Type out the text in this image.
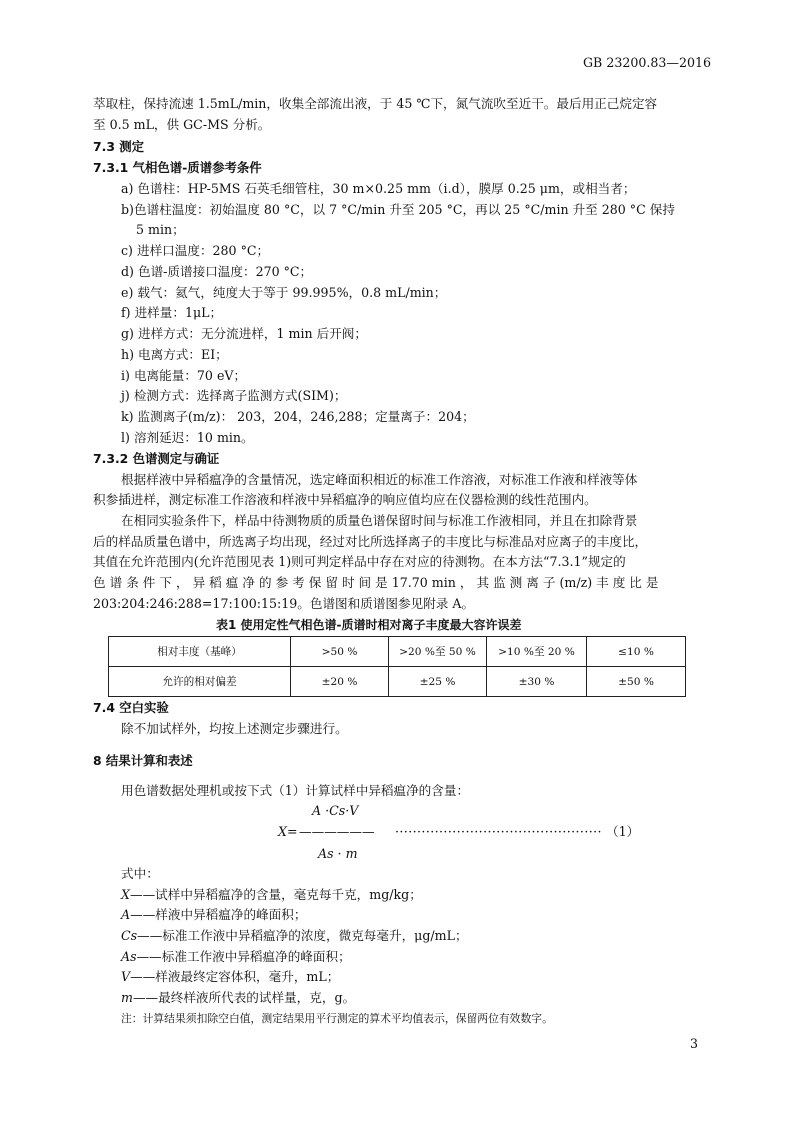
GB 23200.83—2016
萃取柱，保持流速 1.5mL/min，收集全部流出液，于 45 ℃下，氮气流吹至近干。最后用正己烷定容
至 0.5 mL，供 GC-MS 分析。
7.3 测定
7.3.1 气相色谱-质谱参考条件
a) 色谱柱：HP-5MS 石英毛细管柱，30 m×0.25 mm（i.d），膜厚 0.25 μm，或相当者；
b)色谱柱温度：初始温度 80 °C，以 7 °C/min 升至 205 °C，再以 25 °C/min 升至 280 °C 保持
5 min；
c) 进样口温度：280 °C；
d) 色谱-质谱接口温度：270 °C；
e) 载气：氦气，纯度大于等于 99.995%，0.8 mL/min；
f) 进样量：1μL；
g) 进样方式：无分流进样，1 min 后开阀；
h) 电离方式：EI；
i) 电离能量：70 eV；
j) 检测方式：选择离子监测方式(SIM)；
k) 监测离子(m/z)： 203，204，246,288；定量离子：204；
l) 溶剂延迟：10 min。
7.3.2 色谱测定与确证
根据样液中异稻瘟净的含量情况，选定峰面积相近的标准工作溶液，对标准工作液和样液等体
积参插进样，测定标准工作溶液和样液中异稻瘟净的响应值均应在仪器检测的线性范围内。
在相同实验条件下，样品中待测物质的质量色谱保留时间与标准工作液相同，并且在扣除背景
后的样品质量色谱中，所选离子均出现，经过对比所选择离子的丰度比与标准品对应离子的丰度比，
其值在允许范围内(允许范围见表 1)则可判定样品中存在对应的待测物。在本方法“7.3.1”规定的
色 谱 条 件 下 ， 异 稻 瘟 净 的 参 考 保 留 时 间 是 17.70 min ， 其 监 测 离 子 (m/z) 丰 度 比 是
203:204:246:288=17:100:15:19。色谱图和质谱图参见附录 A。
表1 使用定性气相色谱-质谱时相对离子丰度最大容许误差
相对丰度（基峰）	>50 %	>20 %至 50 %	>10 %至 20 %	≤10 %
允许的相对偏差	±20 %	±25 %	±30 %	±50 %
7.4 空白实验
除不加试样外，均按上述测定步骤进行。
8 结果计算和表述
用色谱数据处理机或按下式（1）计算试样中异稻瘟净的含量：
A ·Cs·V
X= —————— ··············································· （1）
As · m
式中：
X——试样中异稻瘟净的含量，毫克每千克，mg/kg；
A——样液中异稻瘟净的峰面积；
Cs——标准工作液中异稻瘟净的浓度，微克每毫升，μg/mL；
As——标准工作液中异稻瘟净的峰面积；
V——样液最终定容体积，毫升，mL；
m——最终样液所代表的试样量，克，g。
注：计算结果须扣除空白值，测定结果用平行测定的算术平均值表示，保留两位有效数字。
3
